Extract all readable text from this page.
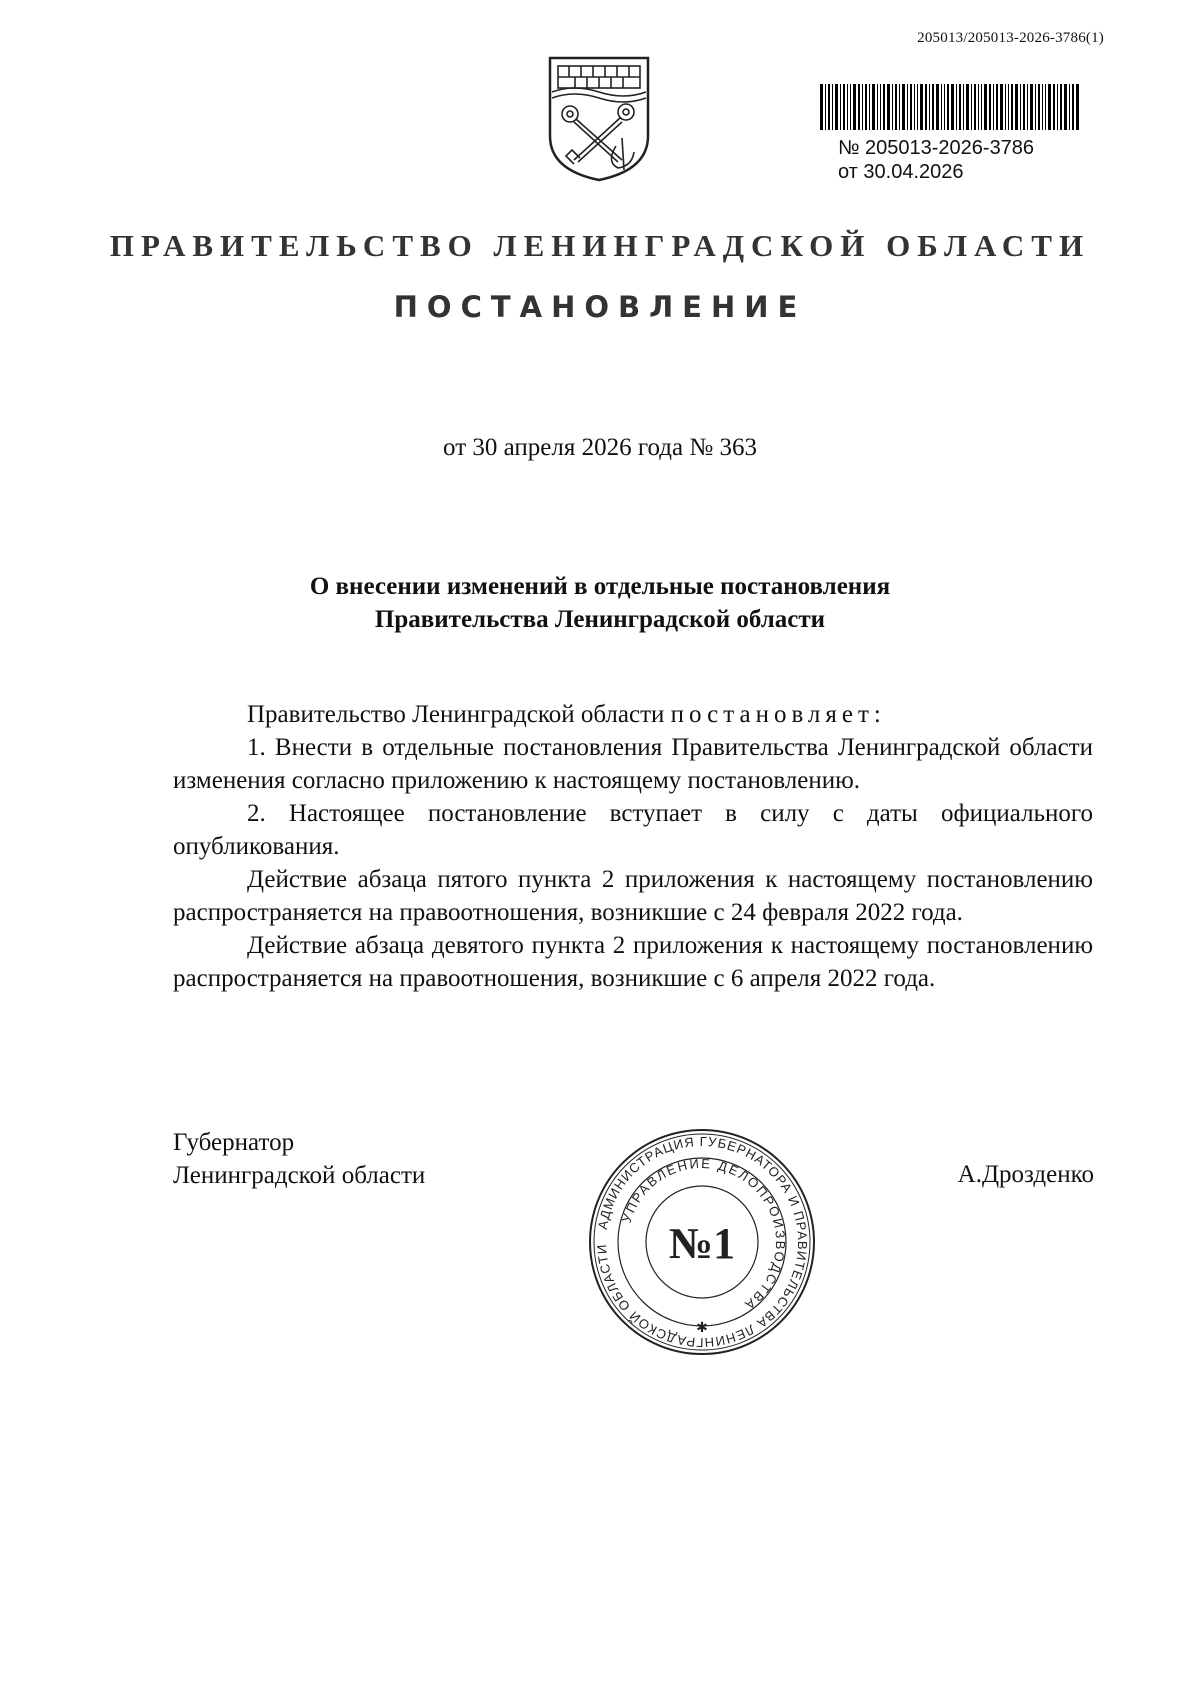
205013/205013-2026-3786(1)
№ 205013-2026-3786
от 30.04.2026
ПРАВИТЕЛЬСТВО ЛЕНИНГРАДСКОЙ ОБЛАСТИ
ПОСТАНОВЛЕНИЕ
от 30 апреля 2026 года № 363
О внесении изменений в отдельные постановления
Правительства Ленинградской области

Правительство Ленинградской области постановляет:

1. Внести в отдельные постановления Правительства Ленинградской области изменения согласно приложению к настоящему постановлению.

2. Настоящее постановление вступает в силу с даты официального опубликования.

Действие абзаца пятого пункта 2 приложения к настоящему постановлению распространяется на правоотношения, возникшие с 24 февраля 2022 года.

Действие абзаца девятого пункта 2 приложения к настоящему постановлению распространяется на правоотношения, возникшие с 6 апреля 2022 года.

Губернатор
Ленинградской области	А.Дрозденко
АДМИНИСТРАЦИЯ ГУБЕРНАТОРА И ПРАВИТЕЛЬСТВА ЛЕНИНГРАДСКОЙ ОБЛАСТИ
УПРАВЛЕНИЕ ДЕЛОПРОИЗВОДСТВА
№1
✱
